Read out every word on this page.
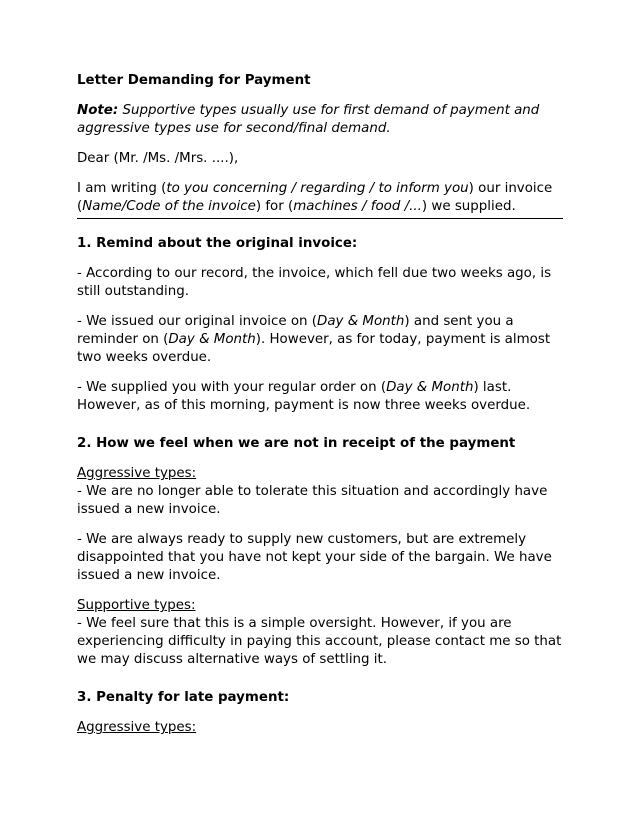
Letter Demanding for Payment
Note: Supportive types usually use for first demand of payment and aggressive types use for second/final demand.
Dear (Mr. /Ms. /Mrs. ....),
I am writing (to you concerning / regarding / to inform you) our invoice (Name/Code of the invoice) for (machines / food /...) we supplied.
1. Remind about the original invoice:
- According to our record, the invoice, which fell due two weeks ago, is still outstanding.
- We issued our original invoice on (Day & Month) and sent you a reminder on (Day & Month). However, as for today, payment is almost two weeks overdue.
- We supplied you with your regular order on (Day & Month) last. However, as of this morning, payment is now three weeks overdue.
2. How we feel when we are not in receipt of the payment
Aggressive types:
- We are no longer able to tolerate this situation and accordingly have issued a new invoice.
- We are always ready to supply new customers, but are extremely disappointed that you have not kept your side of the bargain. We have issued a new invoice.
Supportive types:
- We feel sure that this is a simple oversight. However, if you are experiencing difficulty in paying this account, please contact me so that we may discuss alternative ways of settling it.
3. Penalty for late payment:
Aggressive types:
